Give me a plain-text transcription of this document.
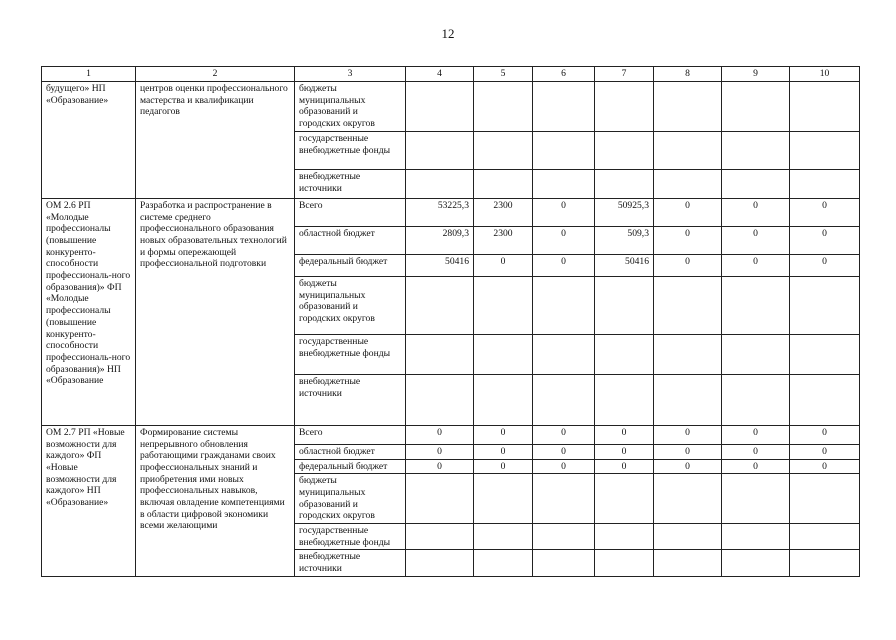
12
1	2	3	4	5	6	7	8	9	10
будущего» НП «Образование»	центров оценки профессионального мастерства и квалификации педагогов	бюджеты муниципальных образований и городских округов							
		государственные внебюджетные фонды							
		внебюджетные источники							
ОМ 2.6 РП «Молодые профессионалы (повышение конкуренто-способности профессиональ-ного образования)» ФП «Молодые профессионалы (повышение конкуренто-способности профессиональ-ного образования)» НП «Образование	Разработка и распространение в системе среднего профессионального образования новых образовательных технологий и формы опережающей профессиональной подготовки	Всего	53225,3	2300	0	50925,3	0	0	0
		областной бюджет	2809,3	2300	0	509,3	0	0	0
		федеральный бюджет	50416	0	0	50416	0	0	0
		бюджеты муниципальных образований и городских округов							
		государственные внебюджетные фонды							
		внебюджетные источники							
ОМ 2.7 РП «Новые возможности для каждого» ФП «Новые возможности для каждого» НП «Образование»	Формирование системы непрерывного обновления работающими гражданами своих профессиональных знаний и приобретения ими новых профессиональных навыков, включая овладение компетенциями в области цифровой экономики всеми желающими	Всего	0	0	0	0	0	0	0
		областной бюджет	0	0	0	0	0	0	0
		федеральный бюджет	0	0	0	0	0	0	0
		бюджеты муниципальных образований и городских округов							
		государственные внебюджетные фонды							
		внебюджетные источники							
